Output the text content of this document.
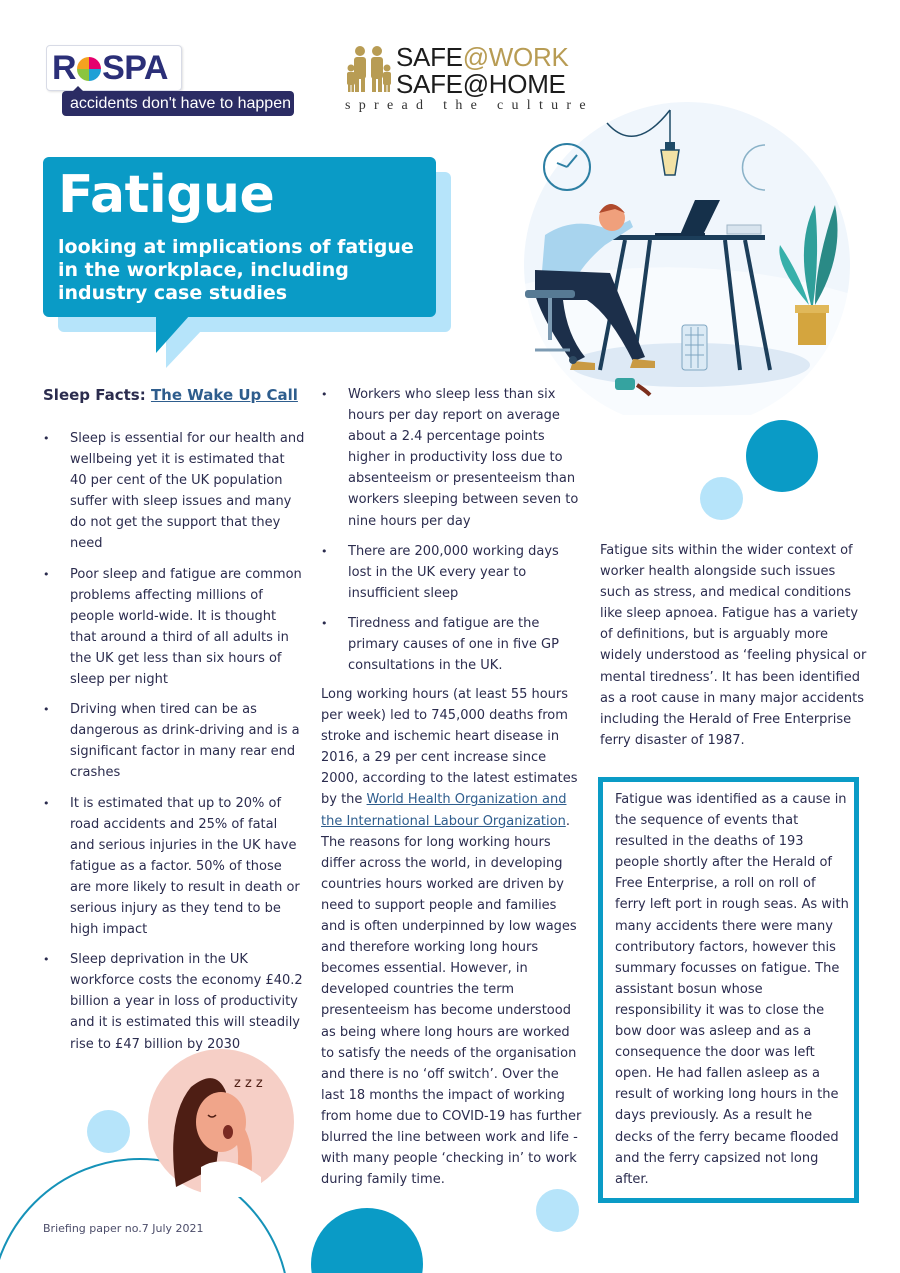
R SPA
accidents don't have to happen
SAFE@WORK
SAFE@HOME
spread the culture
Fatigue
looking at implications of fatigue in the workplace, including industry case studies
Sleep Facts: The Wake Up Call
• Sleep is essential for our health and wellbeing yet it is estimated that 40 per cent of the UK population suffer with sleep issues and many do not get the support that they need
• Poor sleep and fatigue are common problems affecting millions of people world-wide. It is thought that around a third of all adults in the UK get less than six hours of sleep per night
• Driving when tired can be as dangerous as drink-driving and is a significant factor in many rear end crashes
• It is estimated that up to 20% of road accidents and 25% of fatal and serious injuries in the UK have fatigue as a factor. 50% of those are more likely to result in death or serious injury as they tend to be high impact
• Sleep deprivation in the UK workforce costs the economy £40.2 billion a year in loss of productivity and it is estimated this will steadily rise to £47 billion by 2030
• Workers who sleep less than six hours per day report on average about a 2.4 percentage points higher in productivity loss due to absenteeism or presenteeism than workers sleeping between seven to nine hours per day
• There are 200,000 working days lost in the UK every year to insufficient sleep
• Tiredness and fatigue are the primary causes of one in five GP consultations in the UK.
Long working hours (at least 55 hours per week) led to 745,000 deaths from stroke and ischemic heart disease in 2016, a 29 per cent increase since 2000, according to the latest estimates by the World Health Organization and the International Labour Organization. The reasons for long working hours differ across the world, in developing countries hours worked are driven by need to support people and families and is often underpinned by low wages and therefore working long hours becomes essential. However, in developed countries the term presenteeism has become understood as being where long hours are worked to satisfy the needs of the organisation and there is no ‘off switch’. Over the last 18 months the impact of working from home due to COVID-19 has further blurred the line between work and life - with many people ‘checking in’ to work during family time.
Fatigue sits within the wider context of worker health alongside such issues such as stress, and medical conditions like sleep apnoea. Fatigue has a variety of definitions, but is arguably more widely understood as ‘feeling physical or mental tiredness’. It has been identified as a root cause in many major accidents including the Herald of Free Enterprise ferry disaster of 1987.
Fatigue was identified as a cause in the sequence of events that resulted in the deaths of 193 people shortly after the Herald of Free Enterprise, a roll on roll of ferry left port in rough seas. As with many accidents there were many contributory factors, however this summary focusses on fatigue. The assistant bosun whose responsibility it was to close the bow door was asleep and as a consequence the door was left open. He had fallen asleep as a result of working long hours in the days previously. As a result he decks of the ferry became flooded and the ferry capsized not long after.
z z z
Briefing paper no.7 July 2021
